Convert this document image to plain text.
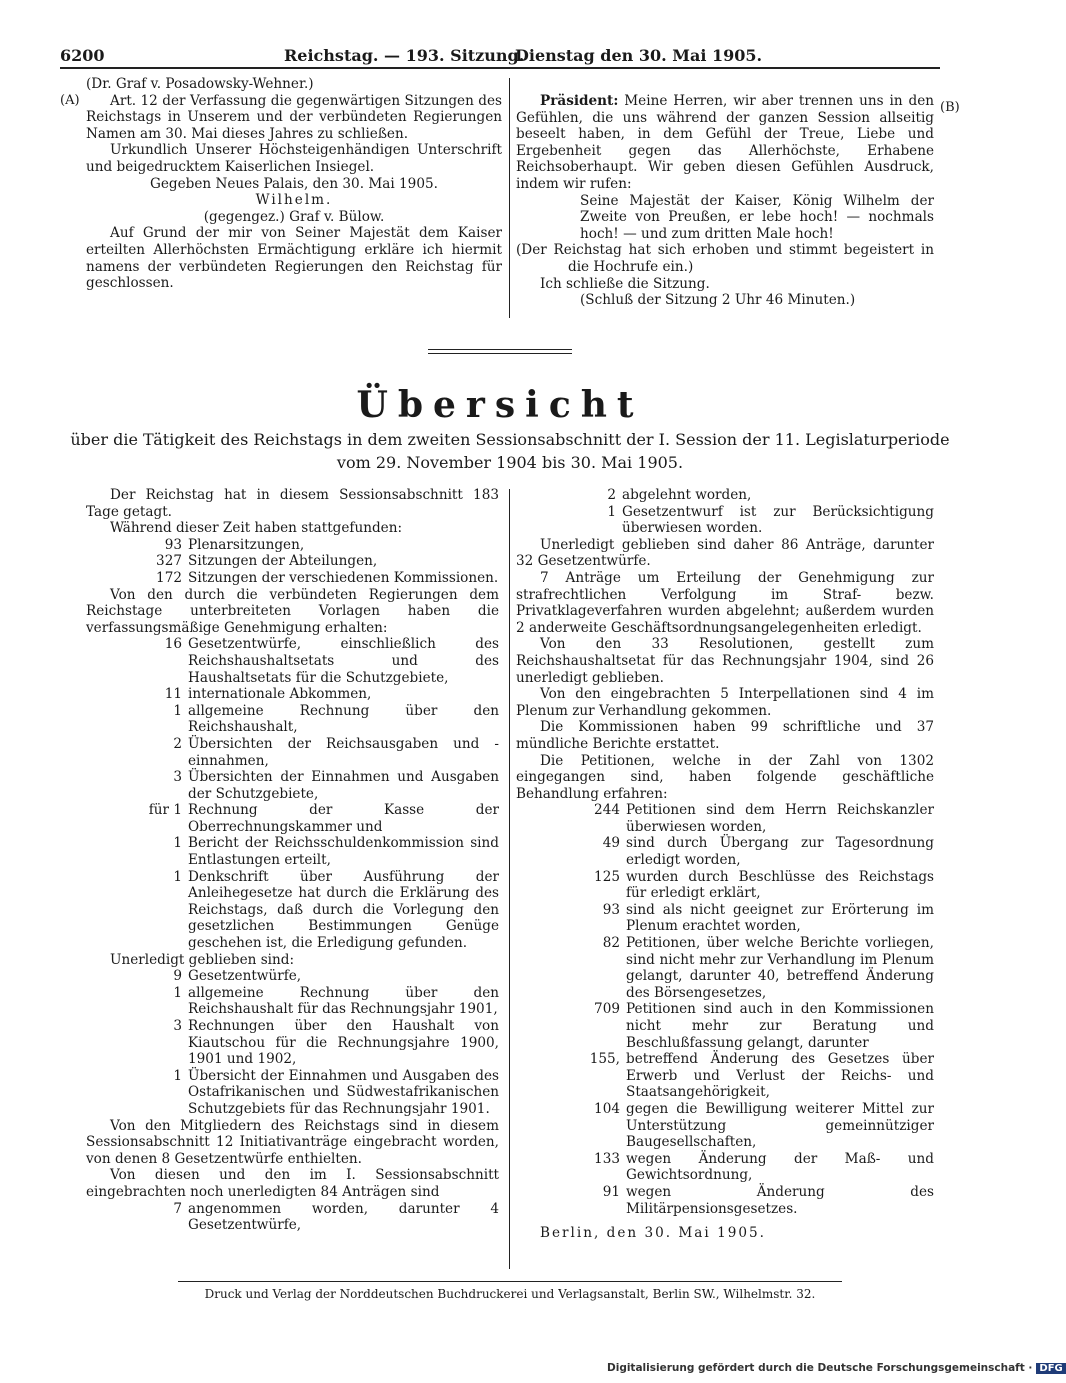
6200	Reichstag. — 193. Sitzung.
Dienstag den 30. Mai 1905.
(A)	(B)

(Dr. Graf v. Posadowsky-Wehner.)

Art. 12 der Verfassung die gegenwärtigen Sitzungen des Reichstags in Unserem und der verbündeten Regierungen Namen am 30. Mai dieses Jahres zu schließen.

Urkundlich Unserer Höchsteigenhändigen Unterschrift und beigedrucktem Kaiserlichen Insiegel.

Gegeben Neues Palais, den 30. Mai 1905.

Wilhelm.

(gegengez.) Graf v. Bülow.

Auf Grund der mir von Seiner Majestät dem Kaiser erteilten Allerhöchsten Ermächtigung erkläre ich hiermit namens der verbündeten Regierungen den Reichstag für geschlossen.

Präsident: Meine Herren, wir aber trennen uns in den Gefühlen, die uns während der ganzen Session allseitig beseelt haben, in dem Gefühl der Treue, Liebe und Ergebenheit gegen das Allerhöchste, Erhabene Reichsoberhaupt. Wir geben diesen Gefühlen Ausdruck, indem wir rufen:

Seine Majestät der Kaiser, König Wilhelm der Zweite von Preußen, er lebe hoch! — nochmals hoch! — und zum dritten Male hoch!

(Der Reichstag hat sich erhoben und stimmt begeistert in die Hochrufe ein.)

Ich schließe die Sitzung.

(Schluß der Sitzung 2 Uhr 46 Minuten.)

Übersicht
über die Tätigkeit des Reichstags in dem zweiten Sessionsabschnitt der I. Session der 11. Legislaturperiode
vom 29. November 1904 bis 30. Mai 1905.

Der Reichstag hat in diesem Sessionsabschnitt 183 Tage getagt.

Während dieser Zeit haben stattgefunden:

93 Plenarsitzungen,
327 Sitzungen der Abteilungen,
172 Sitzungen der verschiedenen Kommissionen.

Von den durch die verbündeten Regierungen dem Reichstage unterbreiteten Vorlagen haben die verfassungsmäßige Genehmigung erhalten:

16 Gesetzentwürfe, einschließlich des Reichshaushaltsetats und des Haushaltsetats für die Schutzgebiete,
11 internationale Abkommen,
1 allgemeine Rechnung über den Reichshaushalt,
2 Übersichten der Reichsausgaben und -einnahmen,
3 Übersichten der Einnahmen und Ausgaben der Schutzgebiete,
für 1 Rechnung der Kasse der Oberrechnungskammer und
1 Bericht der Reichsschuldenkommission sind Entlastungen erteilt,
1 Denkschrift über Ausführung der Anleihegesetze hat durch die Erklärung des Reichstags, daß durch die Vorlegung den gesetzlichen Bestimmungen Genüge geschehen ist, die Erledigung gefunden.

Unerledigt geblieben sind:

9 Gesetzentwürfe,
1 allgemeine Rechnung über den Reichshaushalt für das Rechnungsjahr 1901,
3 Rechnungen über den Haushalt von Kiautschou für die Rechnungsjahre 1900, 1901 und 1902,
1 Übersicht der Einnahmen und Ausgaben des Ostafrikanischen und Südwestafrikanischen Schutzgebiets für das Rechnungsjahr 1901.

Von den Mitgliedern des Reichstags sind in diesem Sessionsabschnitt 12 Initiativanträge eingebracht worden, von denen 8 Gesetzentwürfe enthielten.

Von diesen und den im I. Sessionsabschnitt eingebrachten noch unerledigten 84 Anträgen sind

7 angenommen worden, darunter 4 Gesetzentwürfe,
2 abgelehnt worden,
1 Gesetzentwurf ist zur Berücksichtigung überwiesen worden.

Unerledigt geblieben sind daher 86 Anträge, darunter 32 Gesetzentwürfe.

7 Anträge um Erteilung der Genehmigung zur strafrechtlichen Verfolgung im Straf- bezw. Privatklageverfahren wurden abgelehnt; außerdem wurden 2 anderweite Geschäftsordnungsangelegenheiten erledigt.

Von den 33 Resolutionen, gestellt zum Reichshaushaltsetat für das Rechnungsjahr 1904, sind 26 unerledigt geblieben.

Von den eingebrachten 5 Interpellationen sind 4 im Plenum zur Verhandlung gekommen.

Die Kommissionen haben 99 schriftliche und 37 mündliche Berichte erstattet.

Die Petitionen, welche in der Zahl von 1302 eingegangen sind, haben folgende geschäftliche Behandlung erfahren:

244 Petitionen sind dem Herrn Reichskanzler überwiesen worden,
49 sind durch Übergang zur Tagesordnung erledigt worden,
125 wurden durch Beschlüsse des Reichstags für erledigt erklärt,
93 sind als nicht geeignet zur Erörterung im Plenum erachtet worden,
82 Petitionen, über welche Berichte vorliegen, sind nicht mehr zur Verhandlung im Plenum gelangt, darunter 40, betreffend Änderung des Börsengesetzes,
709 Petitionen sind auch in den Kommissionen nicht mehr zur Beratung und Beschlußfassung gelangt, darunter
155, betreffend Änderung des Gesetzes über Erwerb und Verlust der Reichs- und Staatsangehörigkeit,
104 gegen die Bewilligung weiterer Mittel zur Unterstützung gemeinnütziger Baugesellschaften,
133 wegen Änderung der Maß- und Gewichtsordnung,
91 wegen Änderung des Militärpensionsgesetzes.

Berlin, den 30. Mai 1905.

Druck und Verlag der Norddeutschen Buchdruckerei und Verlagsanstalt, Berlin SW., Wilhelmstr. 32.
Digitalisierung gefördert durch die Deutsche Forschungsgemeinschaft · DFG
